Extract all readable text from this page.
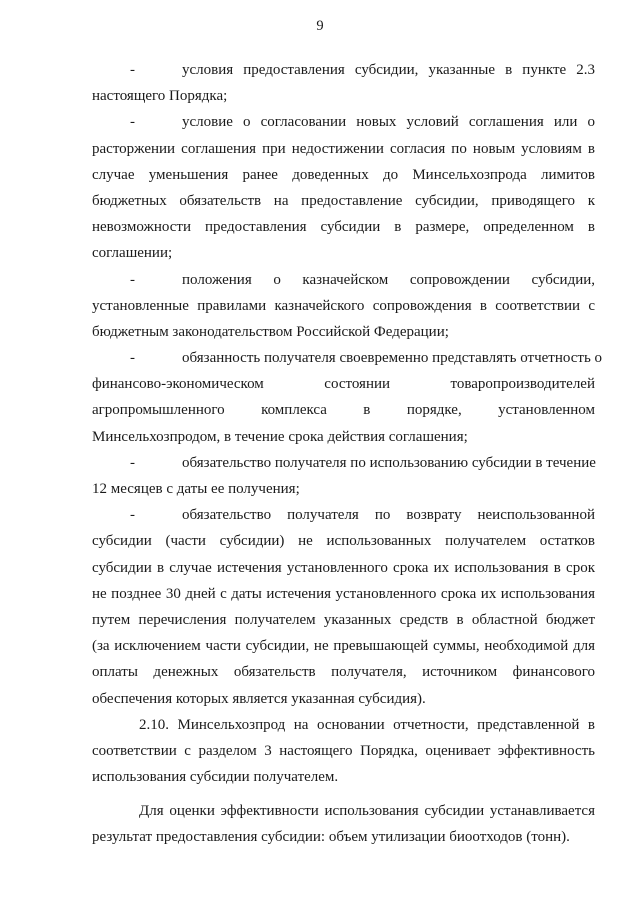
9
-	условия предоставления субсидии, указанные в пункте 2.3
настоящего Порядка;
-	условие о согласовании новых условий соглашения или о
расторжении соглашения при недостижении согласия по новым условиям в
случае уменьшения ранее доведенных до Минсельхозпрода лимитов
бюджетных обязательств на предоставление субсидии, приводящего к
невозможности предоставления субсидии в размере, определенном в
соглашении;
-	положения о казначейском сопровождении субсидии,
установленные правилами казначейского сопровождения в соответствии с
бюджетным законодательством Российской Федерации;
-	обязанность получателя своевременно представлять отчетность о
финансово-экономическом состоянии товаропроизводителей
агропромышленного комплекса в порядке, установленном
Минсельхозпродом, в течение срока действия соглашения;
-	обязательство получателя по использованию субсидии в течение
12 месяцев с даты ее получения;
-	обязательство получателя по возврату неиспользованной
субсидии (части субсидии) не использованных получателем остатков
субсидии в случае истечения установленного срока их использования в срок
не позднее 30 дней с даты истечения установленного срока их использования
путем перечисления получателем указанных средств в областной бюджет
(за исключением части субсидии, не превышающей суммы, необходимой для
оплаты денежных обязательств получателя, источником финансового
обеспечения которых является указанная субсидия).
2.10. Минсельхозпрод на основании отчетности, представленной в
соответствии с разделом 3 настоящего Порядка, оценивает эффективность
использования субсидии получателем.
Для оценки эффективности использования субсидии устанавливается
результат предоставления субсидии: объем утилизации биоотходов (тонн).
